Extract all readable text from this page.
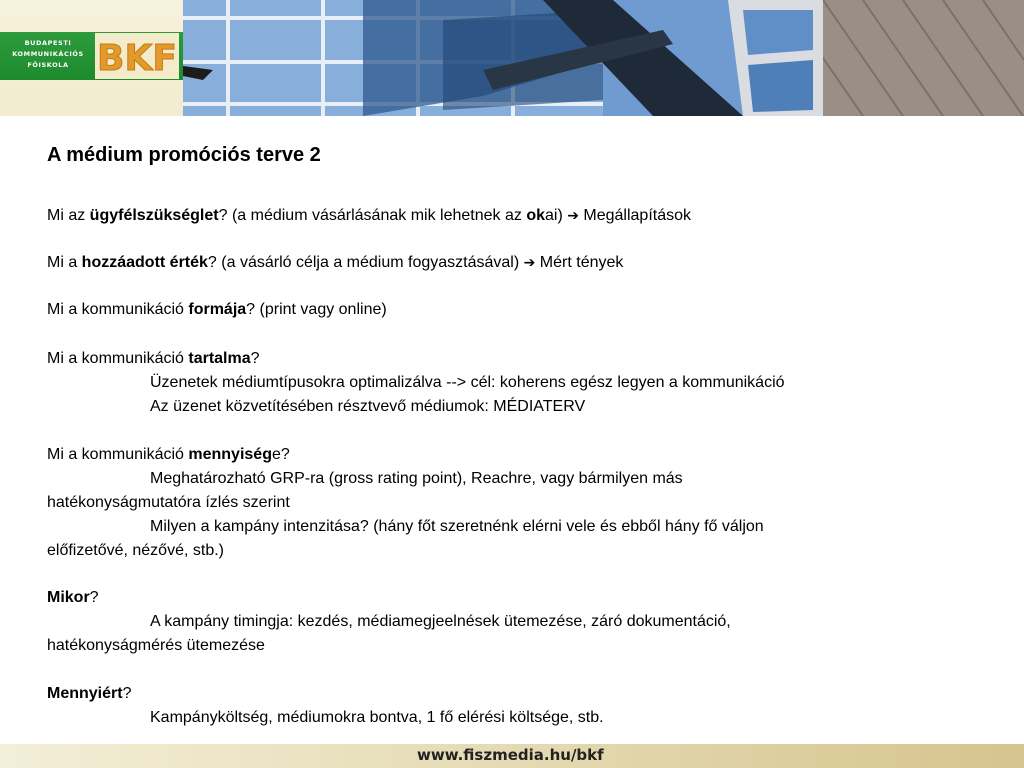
BUDAPESTI
KOMMUNIKÁCIÓS
FŐISKOLA BKF
A médium promóciós terve 2
Mi az ügyfélszükséglet? (a médium vásárlásának mik lehetnek az okai) ➔ Megállapítások
Mi a hozzáadott érték? (a vásárló célja a médium fogyasztásával) ➔ Mért tények
Mi a kommunikáció formája? (print vagy online)
Mi a kommunikáció tartalma?
Üzenetek médiumtípusokra optimalizálva --> cél: koherens egész legyen a kommunikáció
Az üzenet közvetítésében résztvevő médiumok: MÉDIATERV
Mi a kommunikáció mennyisége?
Meghatározható GRP-ra (gross rating point), Reachre, vagy bármilyen más
hatékonyságmutatóra ízlés szerint
Milyen a kampány intenzitása? (hány főt szeretnénk elérni vele és ebből hány fő váljon
előfizetővé, nézővé, stb.)
Mikor?
A kampány timingja: kezdés, médiamegjeelnések ütemezése, záró dokumentáció,
hatékonyságmérés ütemezése
Mennyiért?
Kampányköltség, médiumokra bontva, 1 fő elérési költsége, stb.
www.fiszmedia.hu/bkf
